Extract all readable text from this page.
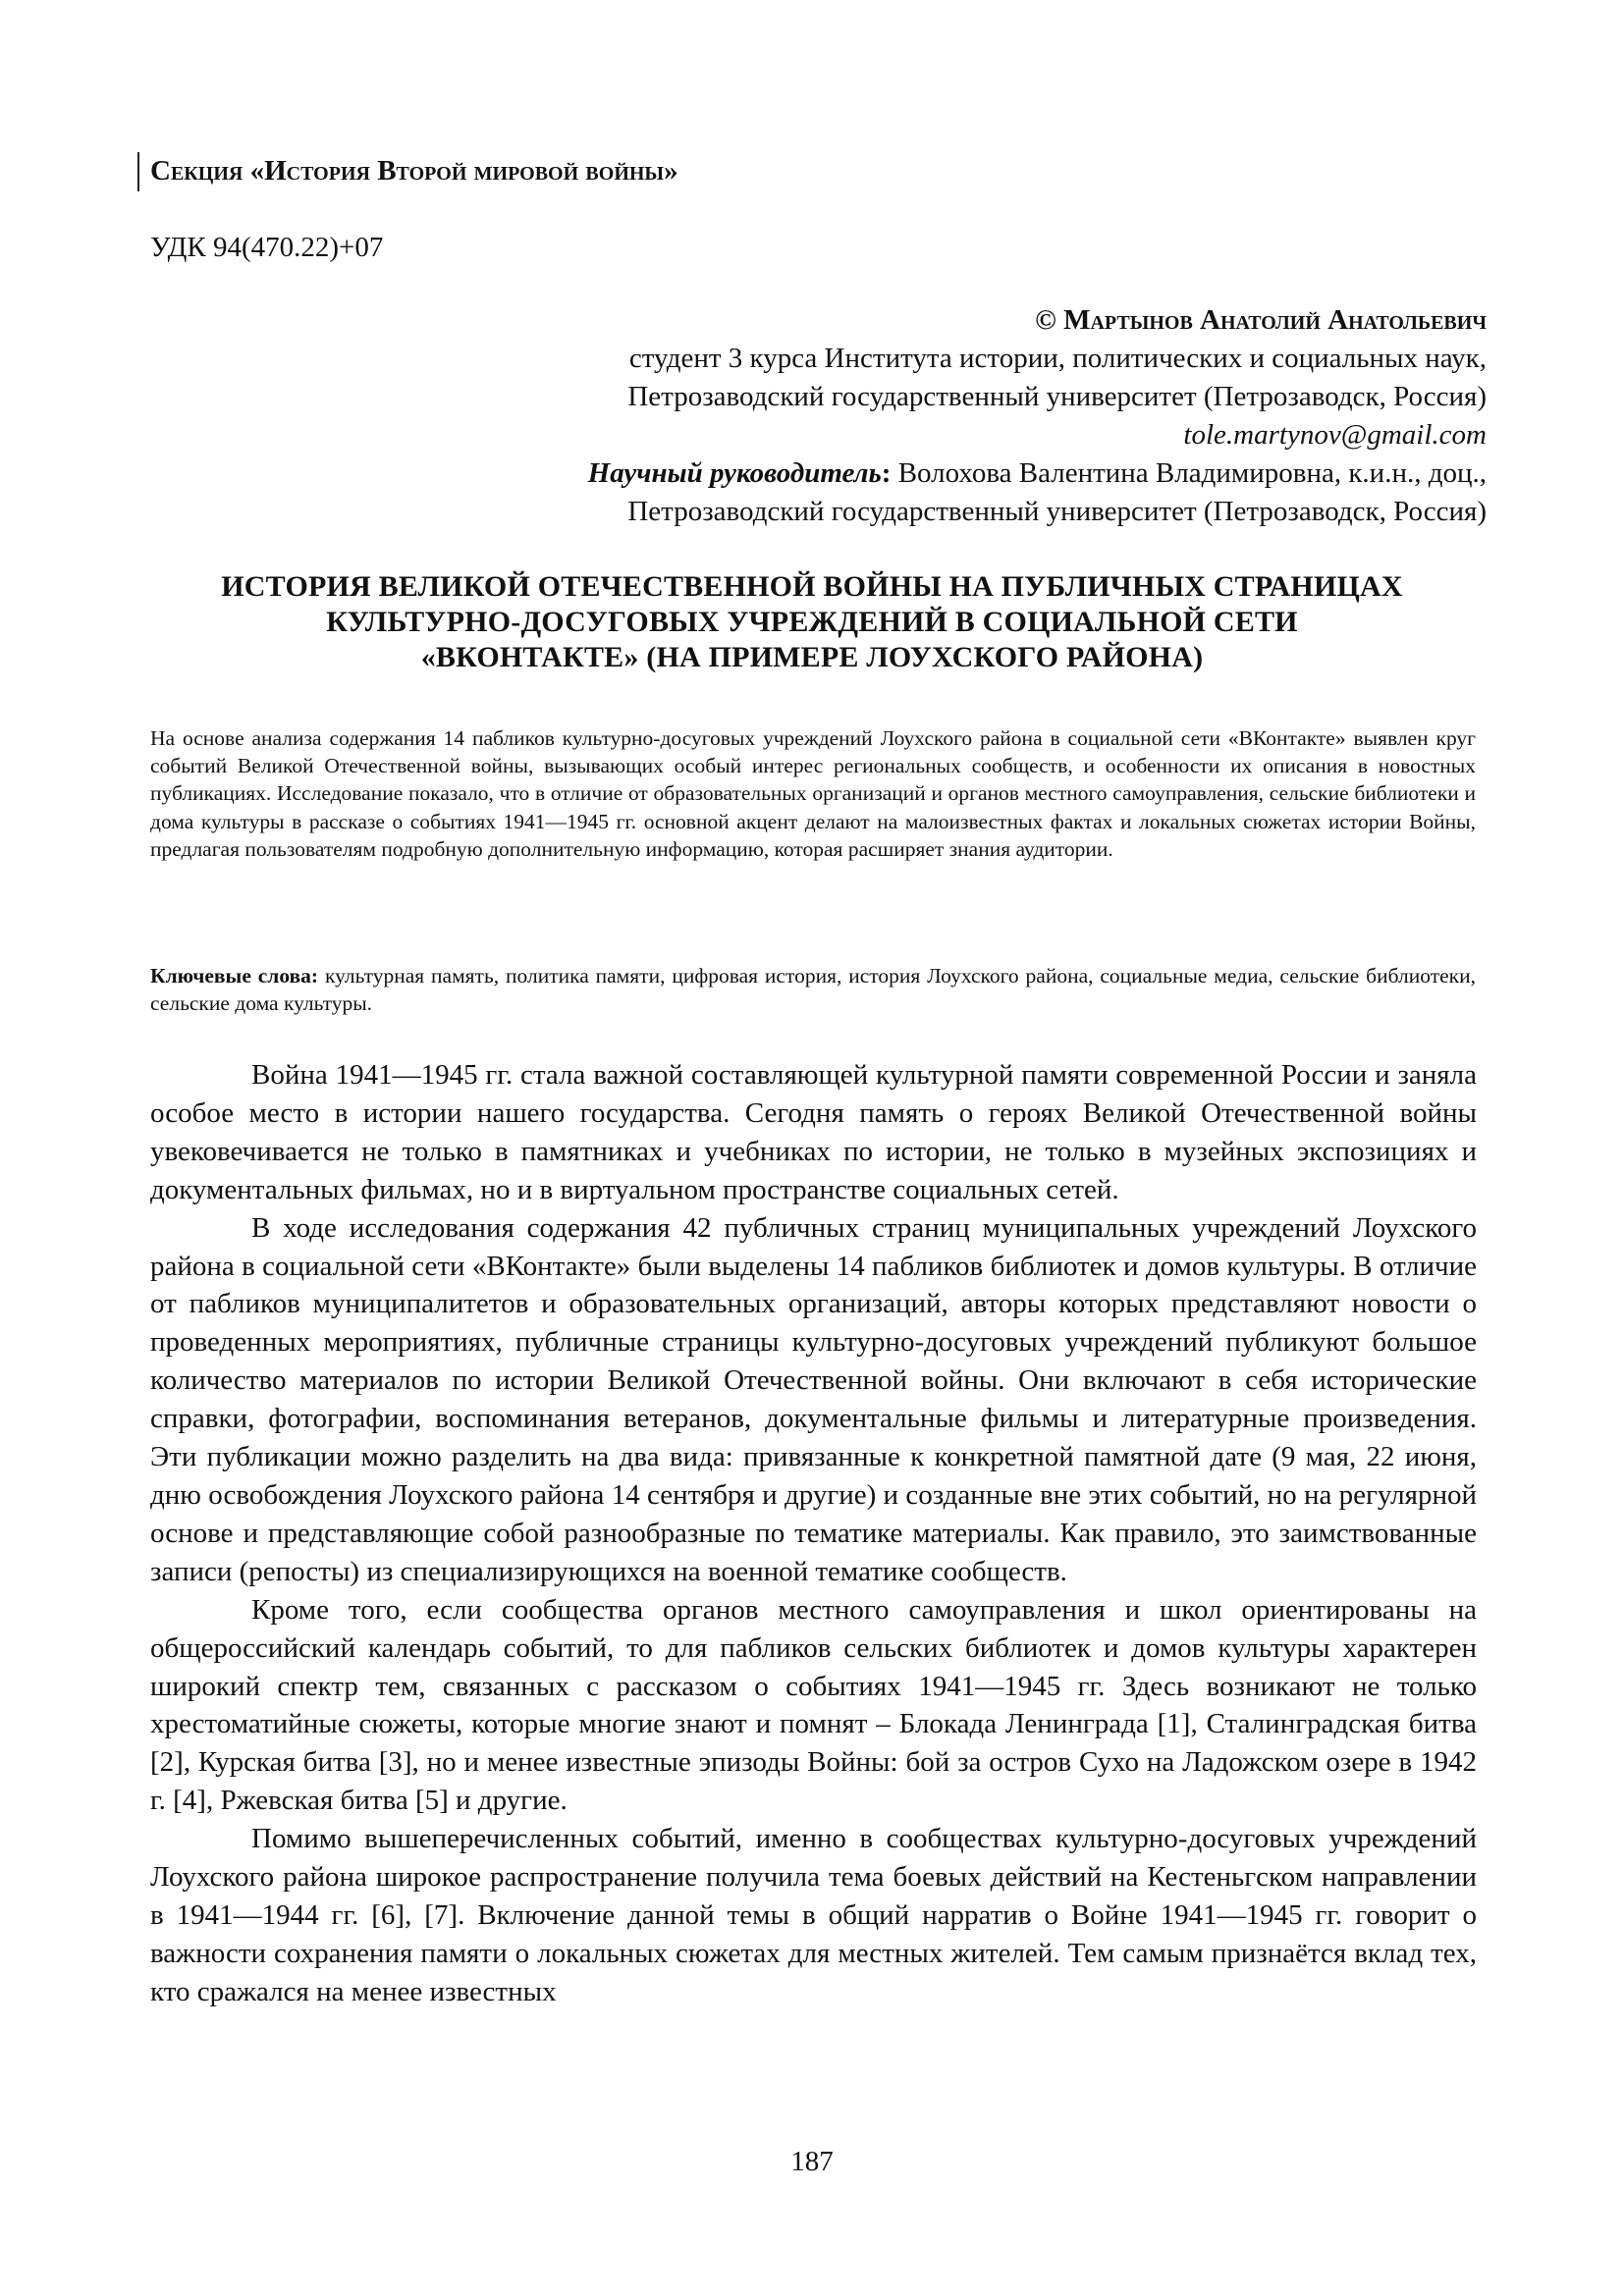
Секция «История Второй мировой войны»
УДК 94(470.22)+07
© Мартынов Анатолий Анатольевич
студент 3 курса Института истории, политических и социальных наук,
Петрозаводский государственный университет (Петрозаводск, Россия)
tole.martynov@gmail.com
Научный руководитель: Волохова Валентина Владимировна, к.и.н., доц.,
Петрозаводский государственный университет (Петрозаводск, Россия)
ИСТОРИЯ ВЕЛИКОЙ ОТЕЧЕСТВЕННОЙ ВОЙНЫ НА ПУБЛИЧНЫХ СТРАНИЦАХ
КУЛЬТУРНО-ДОСУГОВЫХ УЧРЕЖДЕНИЙ В СОЦИАЛЬНОЙ СЕТИ
«ВКОНТАКТЕ» (НА ПРИМЕРЕ ЛОУХСКОГО РАЙОНА)
На основе анализа содержания 14 пабликов культурно-досуговых учреждений Лоухского района в социальной сети «ВКонтакте» выявлен круг событий Великой Отечественной войны, вызывающих особый интерес региональных сообществ, и особенности их описания в новостных публикациях. Исследование показало, что в отличие от образовательных организаций и органов местного самоуправления, сельские библиотеки и дома культуры в рассказе о событиях 1941—1945 гг. основной акцент делают на малоизвестных фактах и локальных сюжетах истории Войны, предлагая пользователям подробную дополнительную информацию, которая расширяет знания аудитории.
Ключевые слова: культурная память, политика памяти, цифровая история, история Лоухского района, социальные медиа, сельские библиотеки, сельские дома культуры.

Война 1941—1945 гг. стала важной составляющей культурной памяти современной России и заняла особое место в истории нашего государства. Сегодня память о героях Великой Отечественной войны увековечивается не только в памятниках и учебниках по истории, не только в музейных экспозициях и документальных фильмах, но и в виртуальном пространстве социальных сетей.

В ходе исследования содержания 42 публичных страниц муниципальных учреждений Лоухского района в социальной сети «ВКонтакте» были выделены 14 пабликов библиотек и домов культуры. В отличие от пабликов муниципалитетов и образовательных организаций, авторы которых представляют новости о проведенных мероприятиях, публичные страницы культурно-досуговых учреждений публикуют большое количество материалов по истории Великой Отечественной войны. Они включают в себя исторические справки, фотографии, воспоминания ветеранов, документальные фильмы и литературные произведения. Эти публикации можно разделить на два вида: привязанные к конкретной памятной дате (9 мая, 22 июня, дню освобождения Лоухского района 14 сентября и другие) и созданные вне этих событий, но на регулярной основе и представляющие собой разнообразные по тематике материалы. Как правило, это заимствованные записи (репосты) из специализирующихся на военной тематике сообществ.

Кроме того, если сообщества органов местного самоуправления и школ ориентированы на общероссийский календарь событий, то для пабликов сельских библиотек и домов культуры характерен широкий спектр тем, связанных с рассказом о событиях 1941—1945 гг. Здесь возникают не только хрестоматийные сюжеты, которые многие знают и помнят – Блокада Ленинграда [1], Сталинградская битва [2], Курская битва [3], но и менее известные эпизоды Войны: бой за остров Сухо на Ладожском озере в 1942 г. [4], Ржевская битва [5] и другие.

Помимо вышеперечисленных событий, именно в сообществах культурно-досуговых учреждений Лоухского района широкое распространение получила тема боевых действий на Кестеньгском направлении в 1941—1944 гг. [6], [7]. Включение данной темы в общий нарратив о Войне 1941—1945 гг. говорит о важности сохранения памяти о локальных сюжетах для местных жителей. Тем самым признаётся вклад тех, кто сражался на менее известных

187
